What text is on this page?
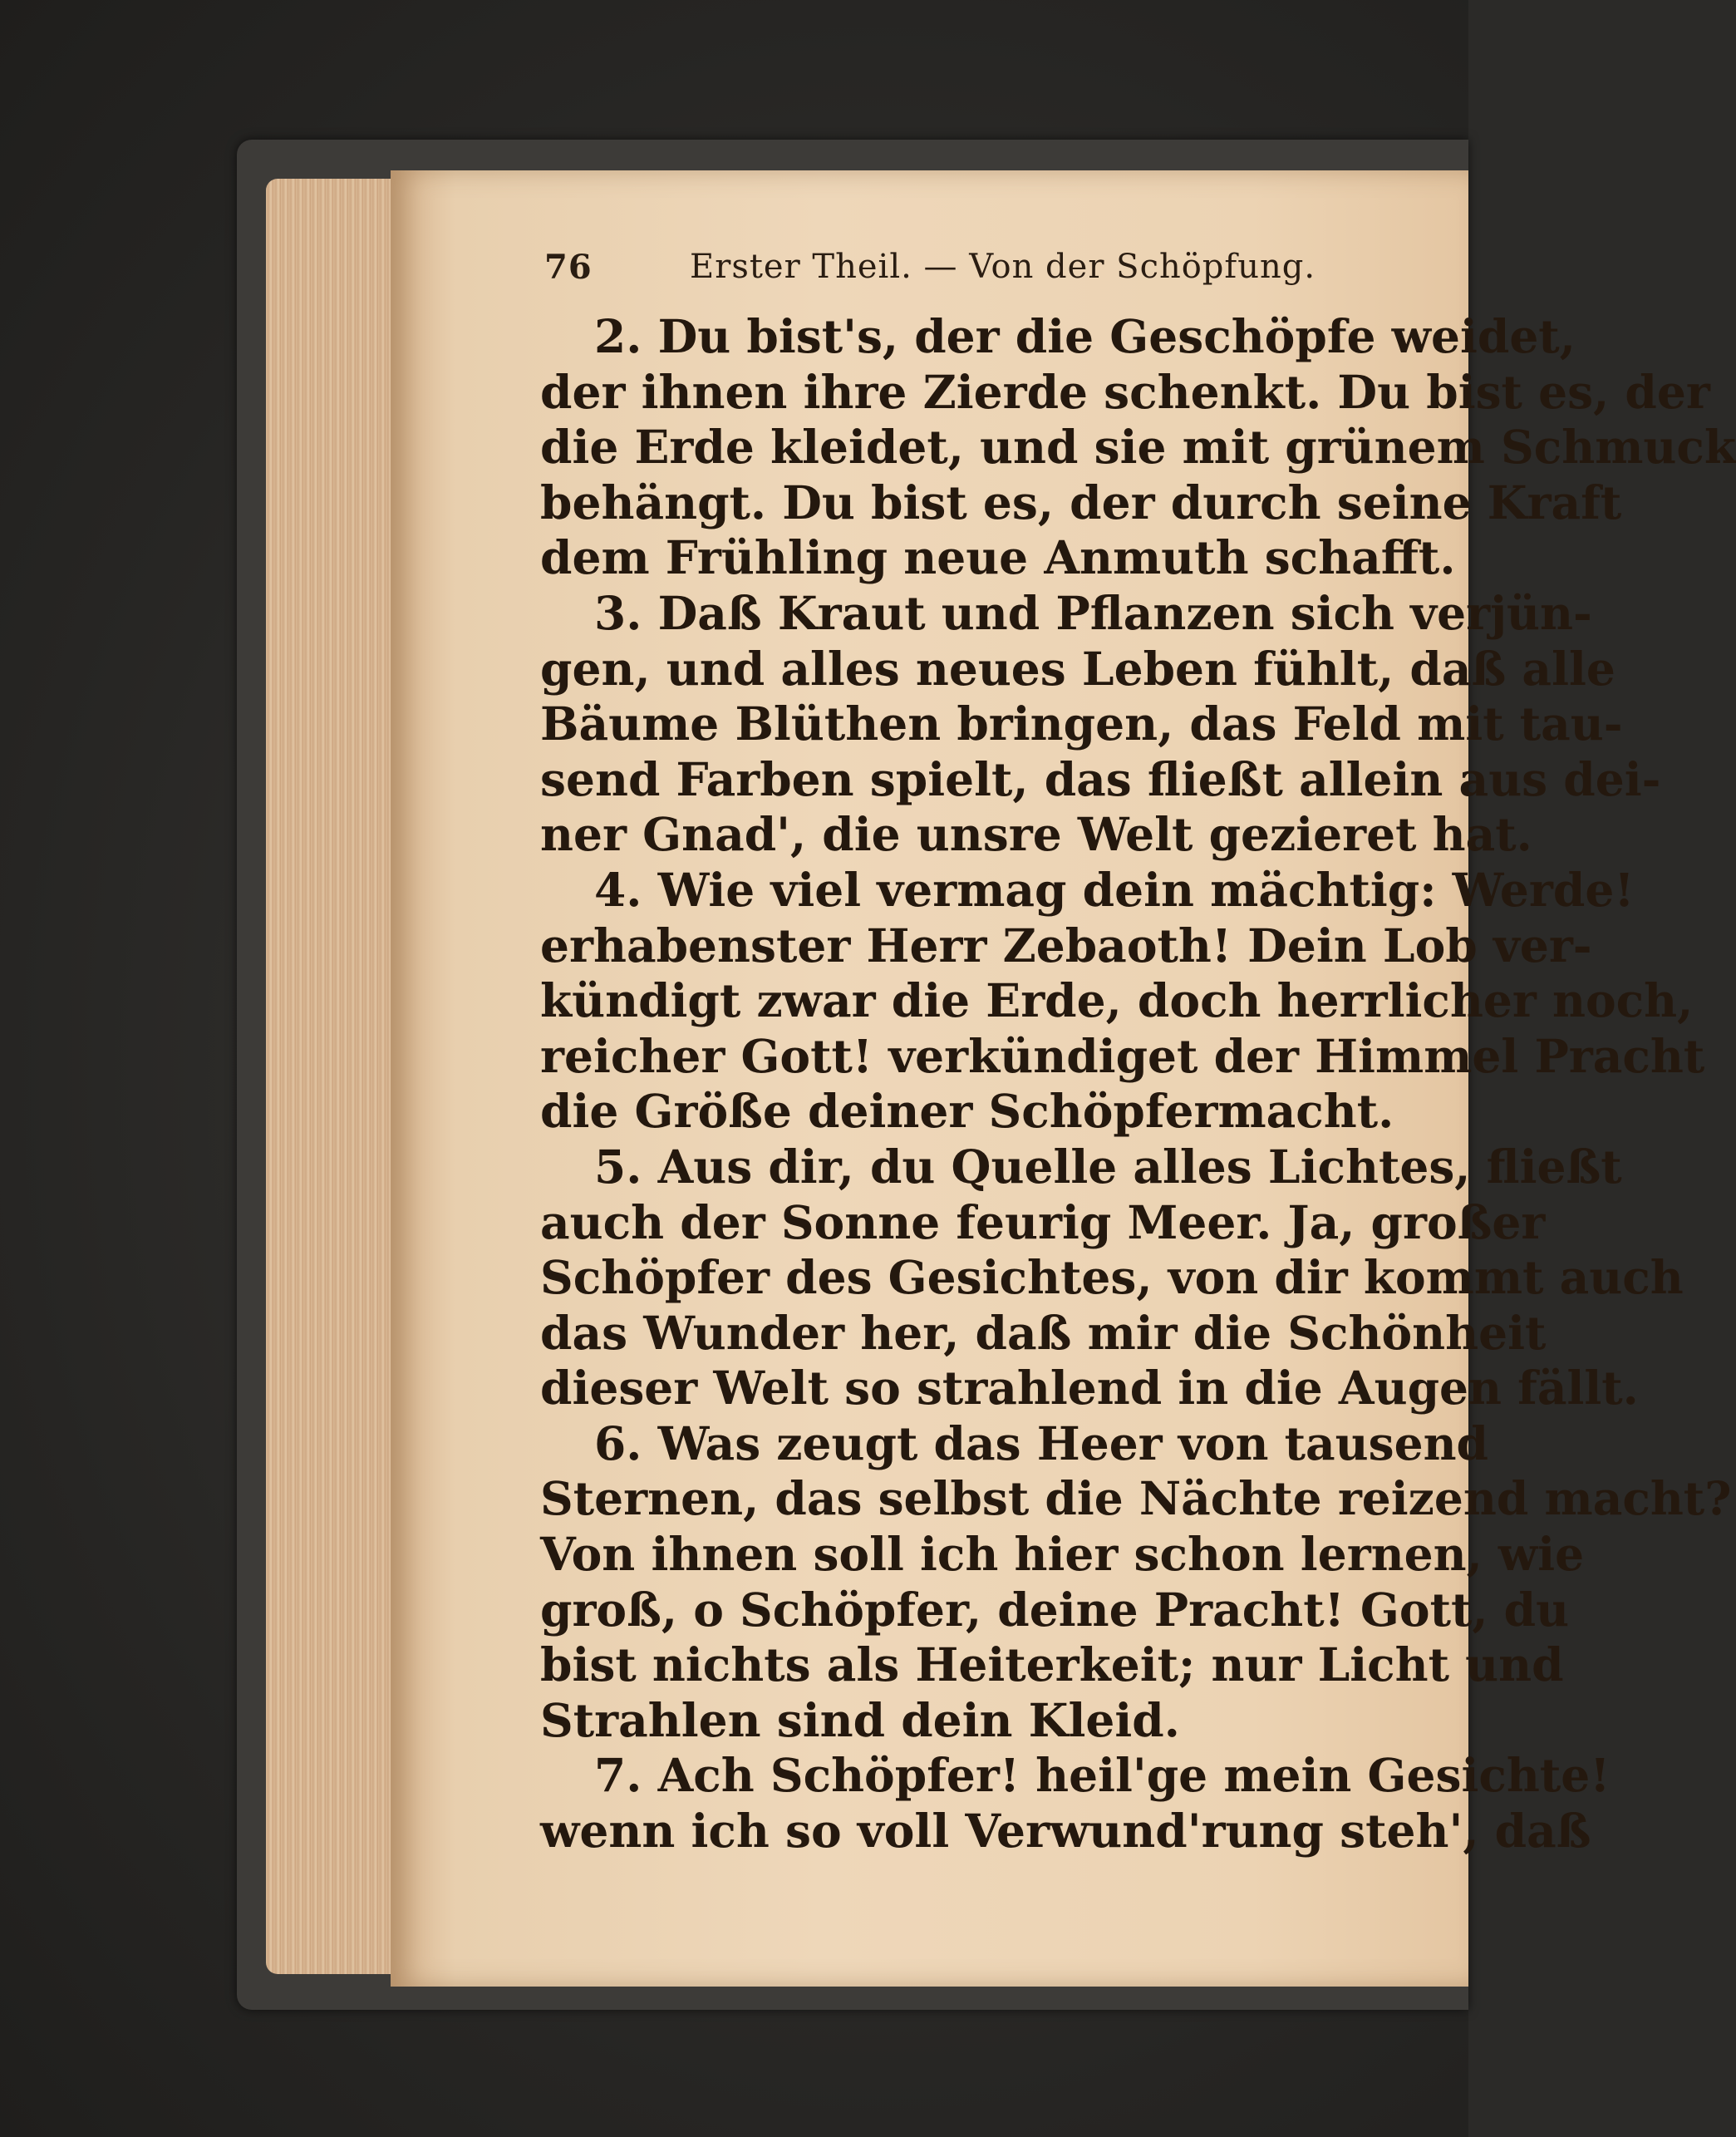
76	Erster Theil. — Von der Schöpfung.
2. Du bist's, der die Geschöpfe weidet,
der ihnen ihre Zierde schenkt. Du bist es, der
die Erde kleidet, und sie mit grünem Schmuck
behängt. Du bist es, der durch seine Kraft
dem Frühling neue Anmuth schafft.
3. Daß Kraut und Pflanzen sich verjün-
gen, und alles neues Leben fühlt, daß alle
Bäume Blüthen bringen, das Feld mit tau-
send Farben spielt, das fließt allein aus dei-
ner Gnad', die unsre Welt gezieret hat.
4. Wie viel vermag dein mächtig: Werde!
erhabenster Herr Zebaoth! Dein Lob ver-
kündigt zwar die Erde, doch herrlicher noch,
reicher Gott! verkündiget der Himmel Pracht
die Größe deiner Schöpfermacht.
5. Aus dir, du Quelle alles Lichtes, fließt
auch der Sonne feurig Meer. Ja, großer
Schöpfer des Gesichtes, von dir kommt auch
das Wunder her, daß mir die Schönheit
dieser Welt so strahlend in die Augen fällt.
6. Was zeugt das Heer von tausend
Sternen, das selbst die Nächte reizend macht?
Von ihnen soll ich hier schon lernen, wie
groß, o Schöpfer, deine Pracht! Gott, du
bist nichts als Heiterkeit; nur Licht und
Strahlen sind dein Kleid.
7. Ach Schöpfer! heil'ge mein Gesichte!
wenn ich so voll Verwund'rung steh', daß
